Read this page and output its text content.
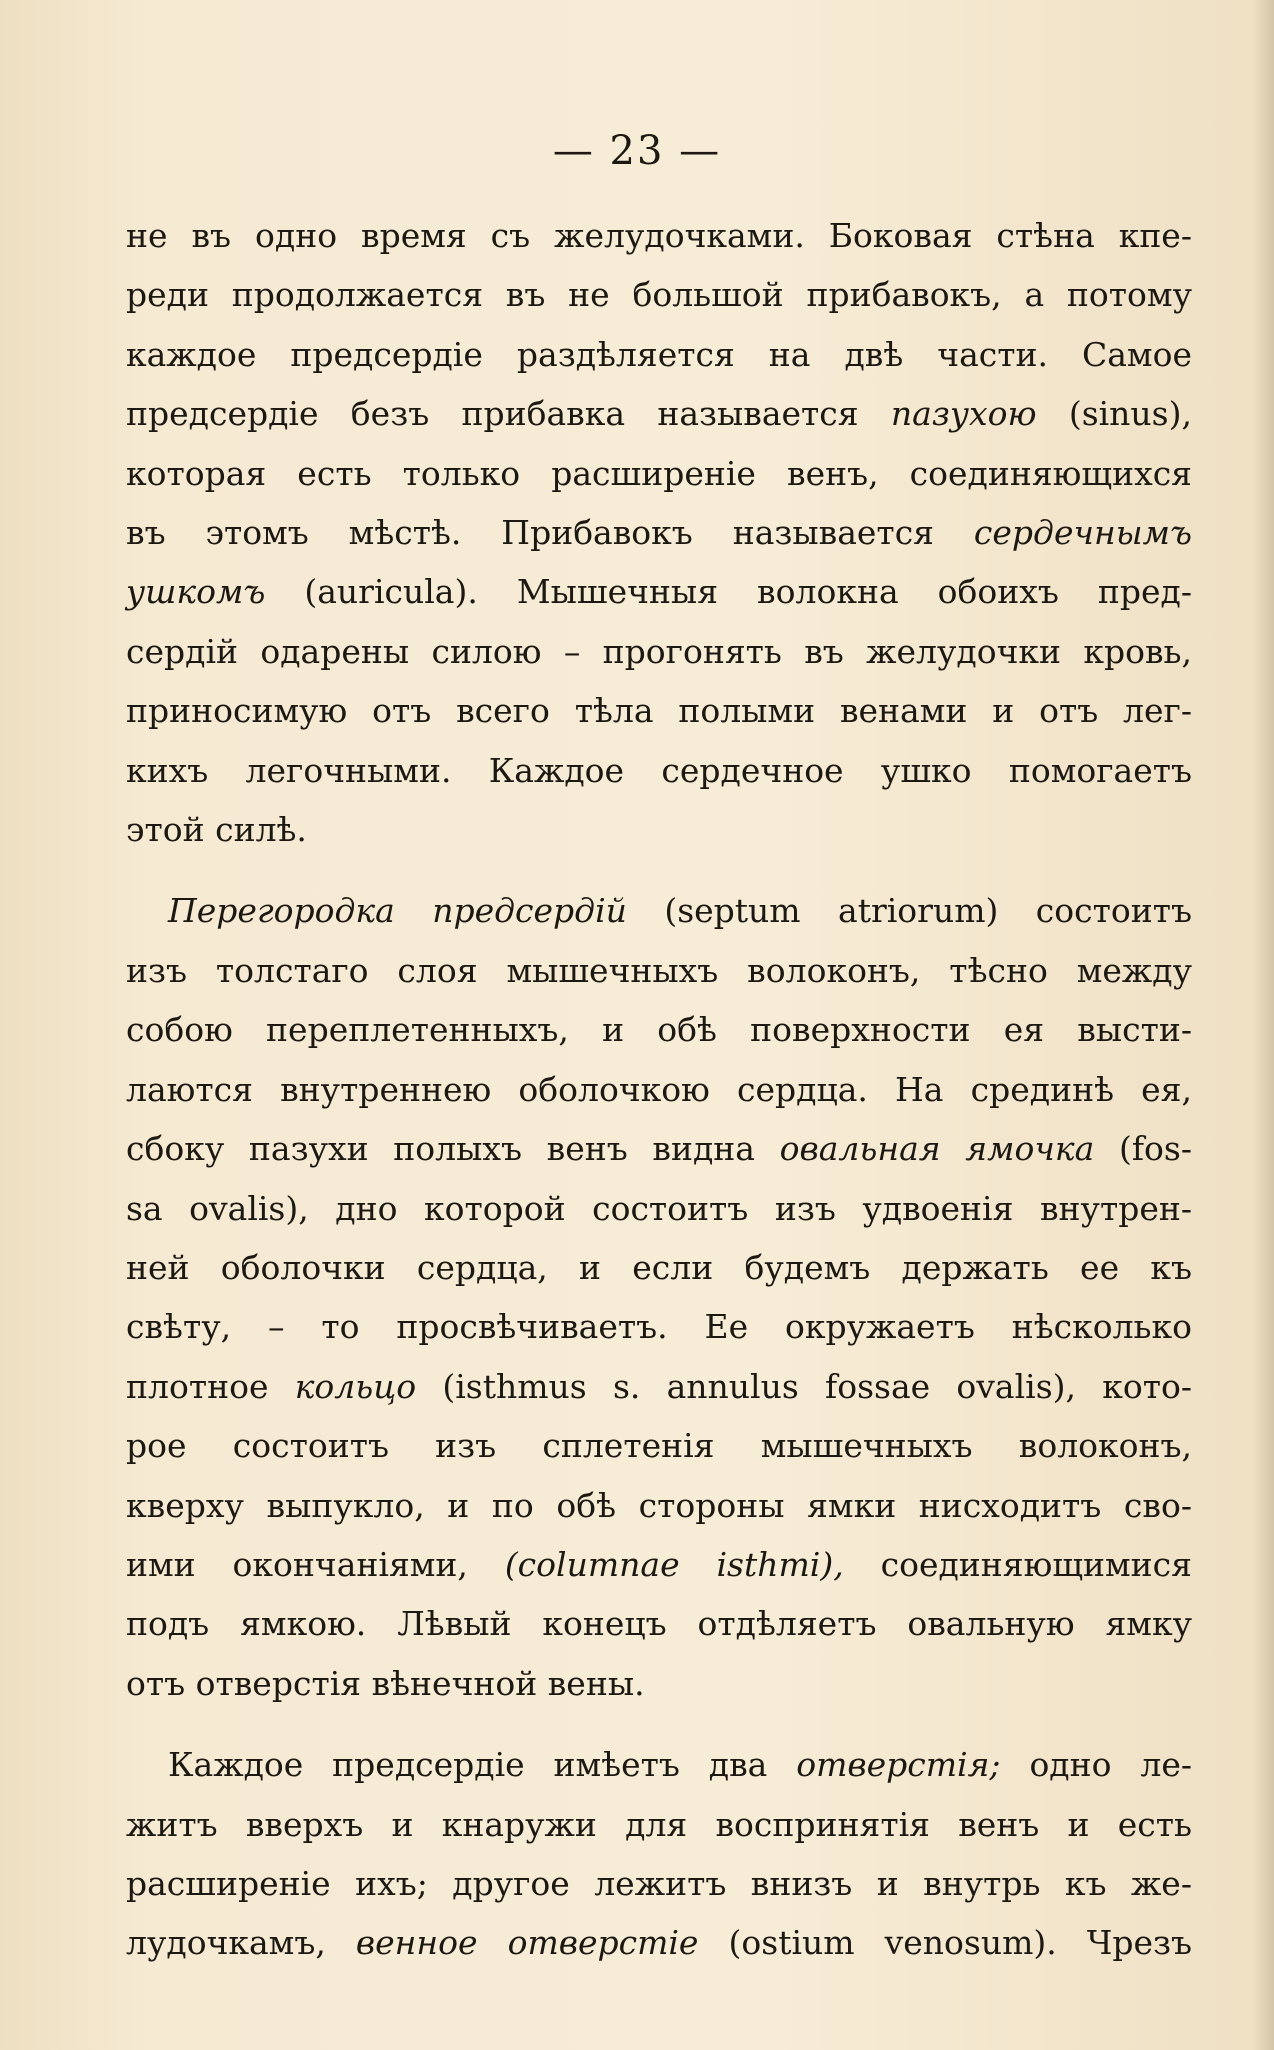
— 23 —
не въ одно время съ желудочками. Боковая стѣна кпе-
реди продолжается въ не большой прибавокъ, а потому
каждое предсердіе раздѣляется на двѣ части. Самое
предсердіе безъ прибавка называется пазухою (sinus),
которая есть только расширеніе венъ, соединяющихся
въ этомъ мѣстѣ. Прибавокъ называется сердечнымъ
ушкомъ (auricula). Мышечныя волокна обоихъ пред-
сердій одарены силою – прогонять въ желудочки кровь,
приносимую отъ всего тѣла полыми венами и отъ лег-
кихъ легочными. Каждое сердечное ушко помогаетъ
этой силѣ.
Перегородка предсердій (septum atriorum) состоитъ
изъ толстаго слоя мышечныхъ волоконъ, тѣсно между
собою переплетенныхъ, и обѣ поверхности ея высти-
лаются внутреннею оболочкою сердца. На срединѣ ея,
сбоку пазухи полыхъ венъ видна овальная ямочка (fos-
sa ovalis), дно которой состоитъ изъ удвоенія внутрен-
ней оболочки сердца, и если будемъ держать ее къ
свѣту, – то просвѣчиваетъ. Ее окружаетъ нѣсколько
плотное кольцо (isthmus s. annulus fossae ovalis), кото-
рое состоитъ изъ сплетенія мышечныхъ волоконъ,
кверху выпукло, и по обѣ стороны ямки нисходитъ сво-
ими окончаніями, (columnae isthmi), соединяющимися
подъ ямкою. Лѣвый конецъ отдѣляетъ овальную ямку
отъ отверстія вѣнечной вены.
Каждое предсердіе имѣетъ два отверстія; одно ле-
житъ вверхъ и кнаружи для воспринятія венъ и есть
расширеніе ихъ; другое лежитъ внизъ и внутрь къ же-
лудочкамъ, венное отверстіе (ostium venosum). Чрезъ
